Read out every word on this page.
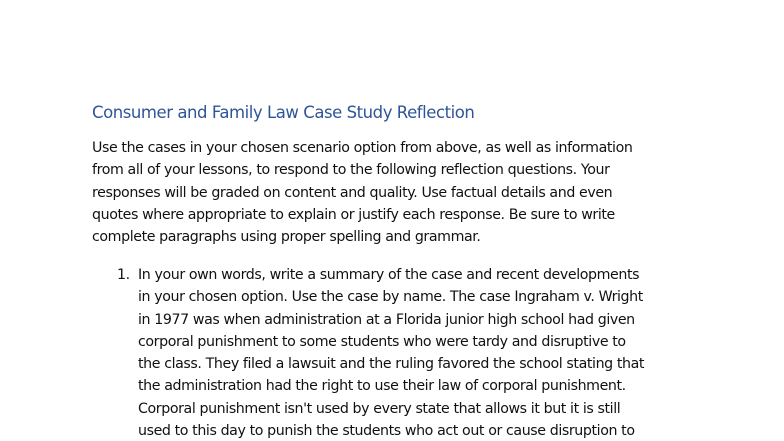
Consumer and Family Law Case Study Reflection
Use the cases in your chosen scenario option from above, as well as information
from all of your lessons, to respond to the following reflection questions. Your
responses will be graded on content and quality. Use factual details and even
quotes where appropriate to explain or justify each response. Be sure to write
complete paragraphs using proper spelling and grammar.
1. In your own words, write a summary of the case and recent developments
in your chosen option. Use the case by name. The case Ingraham v. Wright
in 1977 was when administration at a Florida junior high school had given
corporal punishment to some students who were tardy and disruptive to
the class. They filed a lawsuit and the ruling favored the school stating that
the administration had the right to use their law of corporal punishment.
Corporal punishment isn't used by every state that allows it but it is still
used to this day to punish the students who act out or cause disruption to
